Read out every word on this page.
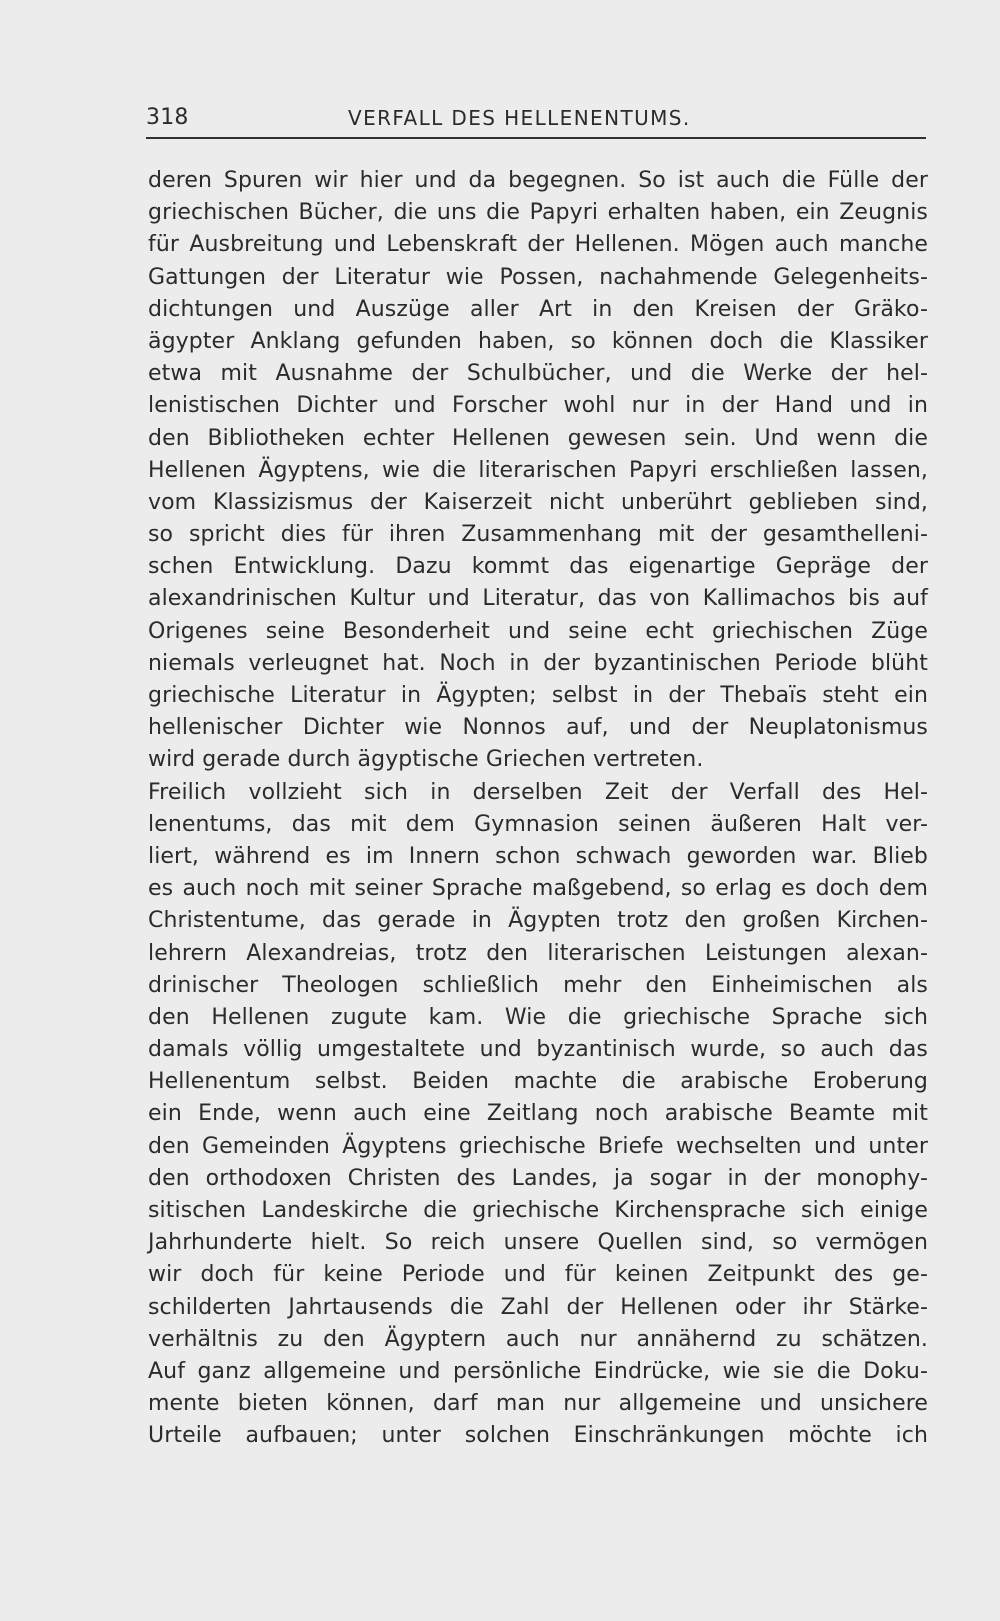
318	VERFALL DES HELLENENTUMS.
deren Spuren wir hier und da begegnen. So ist auch die Fülle der
griechischen Bücher, die uns die Papyri erhalten haben, ein Zeugnis
für Ausbreitung und Lebenskraft der Hellenen. Mögen auch manche
Gattungen der Literatur wie Possen, nachahmende Gelegenheits-
dichtungen und Auszüge aller Art in den Kreisen der Gräko-
ägypter Anklang gefunden haben, so können doch die Klassiker
etwa mit Ausnahme der Schulbücher, und die Werke der hel-
lenistischen Dichter und Forscher wohl nur in der Hand und in
den Bibliotheken echter Hellenen gewesen sein. Und wenn die
Hellenen Ägyptens, wie die literarischen Papyri erschließen lassen,
vom Klassizismus der Kaiserzeit nicht unberührt geblieben sind,
so spricht dies für ihren Zusammenhang mit der gesamthelleni-
schen Entwicklung. Dazu kommt das eigenartige Gepräge der
alexandrinischen Kultur und Literatur, das von Kallimachos bis auf
Origenes seine Besonderheit und seine echt griechischen Züge
niemals verleugnet hat. Noch in der byzantinischen Periode blüht
griechische Literatur in Ägypten; selbst in der Thebaïs steht ein
hellenischer Dichter wie Nonnos auf, und der Neuplatonismus
wird gerade durch ägyptische Griechen vertreten.
Freilich vollzieht sich in derselben Zeit der Verfall des Hel-
lenentums, das mit dem Gymnasion seinen äußeren Halt ver-
liert, während es im Innern schon schwach geworden war. Blieb
es auch noch mit seiner Sprache maßgebend, so erlag es doch dem
Christentume, das gerade in Ägypten trotz den großen Kirchen-
lehrern Alexandreias, trotz den literarischen Leistungen alexan-
drinischer Theologen schließlich mehr den Einheimischen als
den Hellenen zugute kam. Wie die griechische Sprache sich
damals völlig umgestaltete und byzantinisch wurde, so auch das
Hellenentum selbst. Beiden machte die arabische Eroberung
ein Ende, wenn auch eine Zeitlang noch arabische Beamte mit
den Gemeinden Ägyptens griechische Briefe wechselten und unter
den orthodoxen Christen des Landes, ja sogar in der monophy-
sitischen Landeskirche die griechische Kirchensprache sich einige
Jahrhunderte hielt. So reich unsere Quellen sind, so vermögen
wir doch für keine Periode und für keinen Zeitpunkt des ge-
schilderten Jahrtausends die Zahl der Hellenen oder ihr Stärke-
verhältnis zu den Ägyptern auch nur annähernd zu schätzen.
Auf ganz allgemeine und persönliche Eindrücke, wie sie die Doku-
mente bieten können, darf man nur allgemeine und unsichere
Urteile aufbauen; unter solchen Einschränkungen möchte ich
